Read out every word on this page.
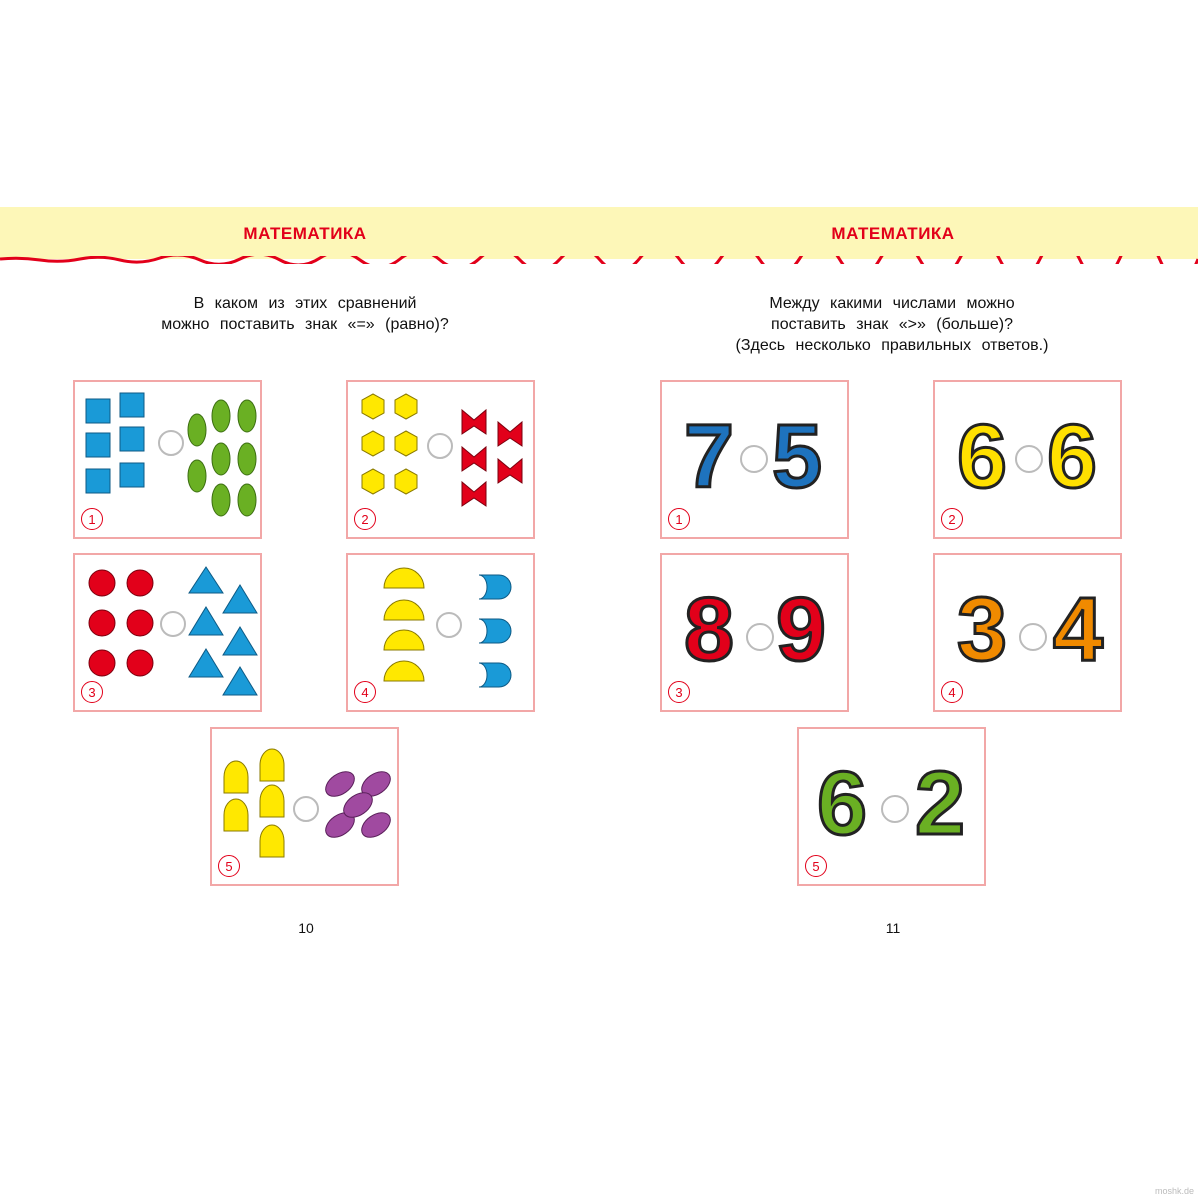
МАТЕМАТИКА	МАТЕМАТИКА
В каком из этих сравнений
можно поставить знак «=» (равно)?
Между какими числами можно
поставить знак «>» (больше)?
(Здесь несколько правильных ответов.)
1	2
3	4
5
7 5
1
6 6
2
8 9
3
3 4
4
6 2
5
10	11
moshk.de
